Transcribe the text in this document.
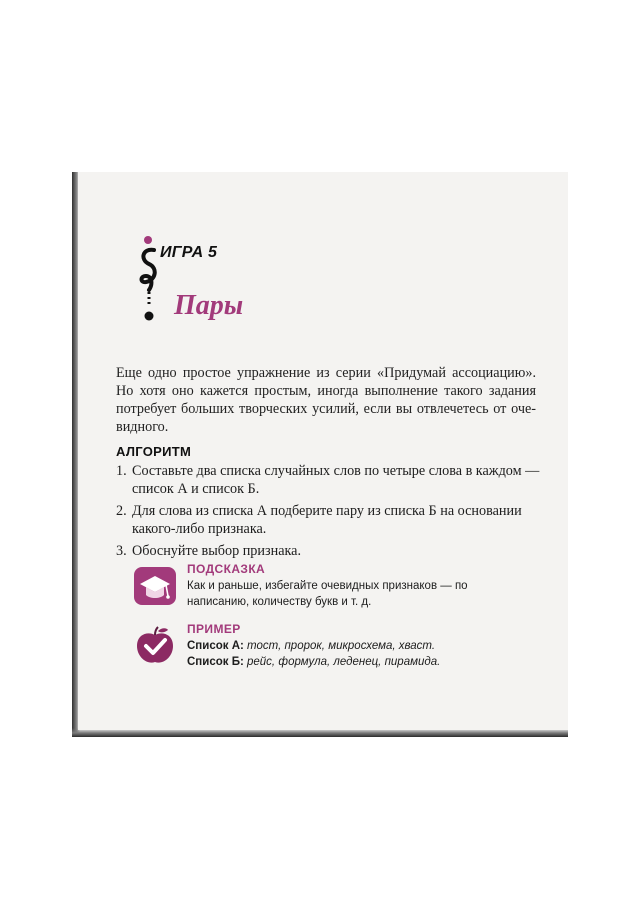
ИГРА 5
Пары

Еще одно простое упражнение из серии «Придумай ассоциацию». Но хотя оно кажется простым, иногда выполнение такого задания потребует больших творческих усилий, если вы отвлечетесь от очевидного.

АЛГОРИТМ
1. Составьте два списка случайных слов по четыре слова в каждом — список А и список Б.
2. Для слова из списка А подберите пару из списка Б на основании какого-либо признака.
3. Обоснуйте выбор признака.
ПОДСКАЗКА
Как и раньше, избегайте очевидных признаков — по написанию, количеству букв и т. д.
ПРИМЕР
Список А: тост, пророк, микросхема, хваст.
Список Б: рейс, формула, леденец, пирамида.
